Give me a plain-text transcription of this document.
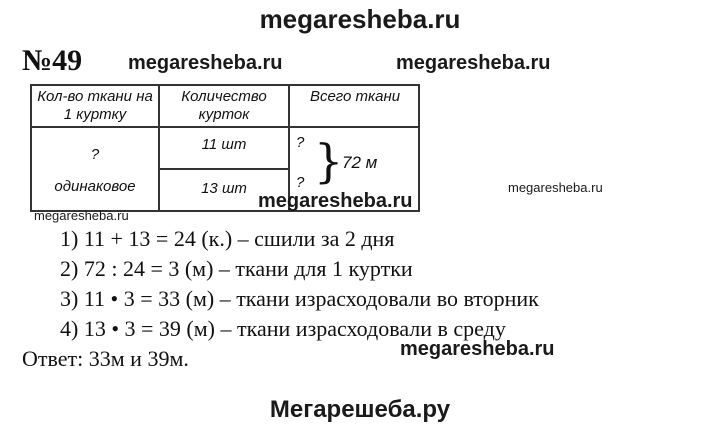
megaresheba.ru
№49 megaresheba.ru	megaresheba.ru
Кол-во ткани на 1 куртку
Количество курток
Всего ткани
?
одинаковое
11 шт
13 шт
?
? }
72 м
megaresheba.ru
megaresheba.ru
megaresheba.ru
1) 11 + 13 = 24 (к.) – сшили за 2 дня
2) 72 : 24 = 3 (м) – ткани для 1 куртки
3) 11 • 3 = 33 (м) – ткани израсходовали во вторник
4) 13 • 3 = 39 (м) – ткани израсходовали в среду
Ответ: 33м и 39м.	megaresheba.ru
Мегарешеба.ру
